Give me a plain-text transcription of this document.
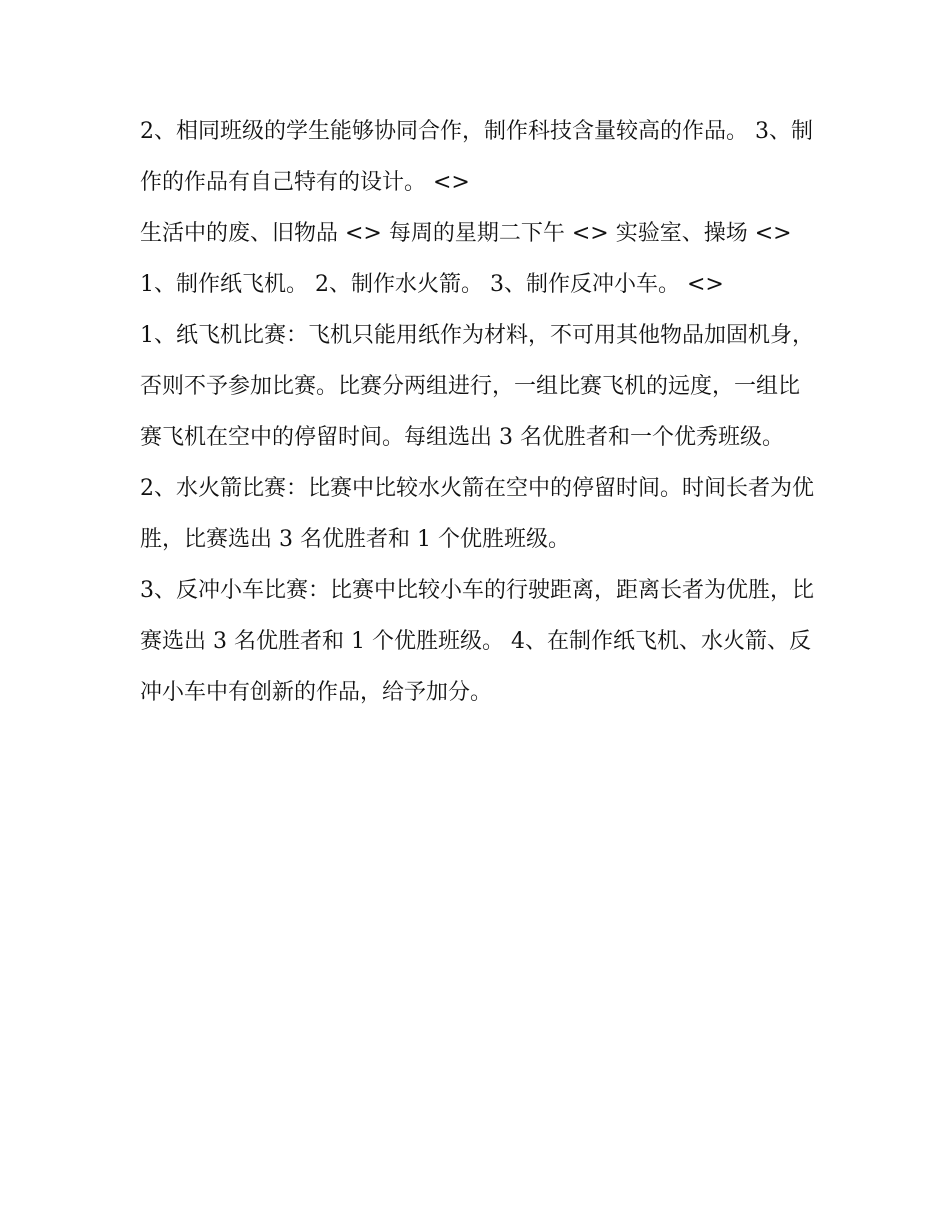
2、相同班级的学生能够协同合作，制作科技含量较高的作品。 3、制作的作品有自己特有的设计。 <>

生活中的废、旧物品 <> 每周的星期二下午 <> 实验室、操场 <> 1、制作纸飞机。 2、制作水火箭。 3、制作反冲小车。 <>

1、纸飞机比赛：飞机只能用纸作为材料，不可用其他物品加固机身，否则不予参加比赛。比赛分两组进行，一组比赛飞机的远度，一组比赛飞机在空中的停留时间。每组选出 3 名优胜者和一个优秀班级。

2、水火箭比赛：比赛中比较水火箭在空中的停留时间。时间长者为优胜，比赛选出 3 名优胜者和 1 个优胜班级。

3、反冲小车比赛：比赛中比较小车的行驶距离，距离长者为优胜，比赛选出 3 名优胜者和 1 个优胜班级。 4、在制作纸飞机、水火箭、反冲小车中有创新的作品，给予加分。
